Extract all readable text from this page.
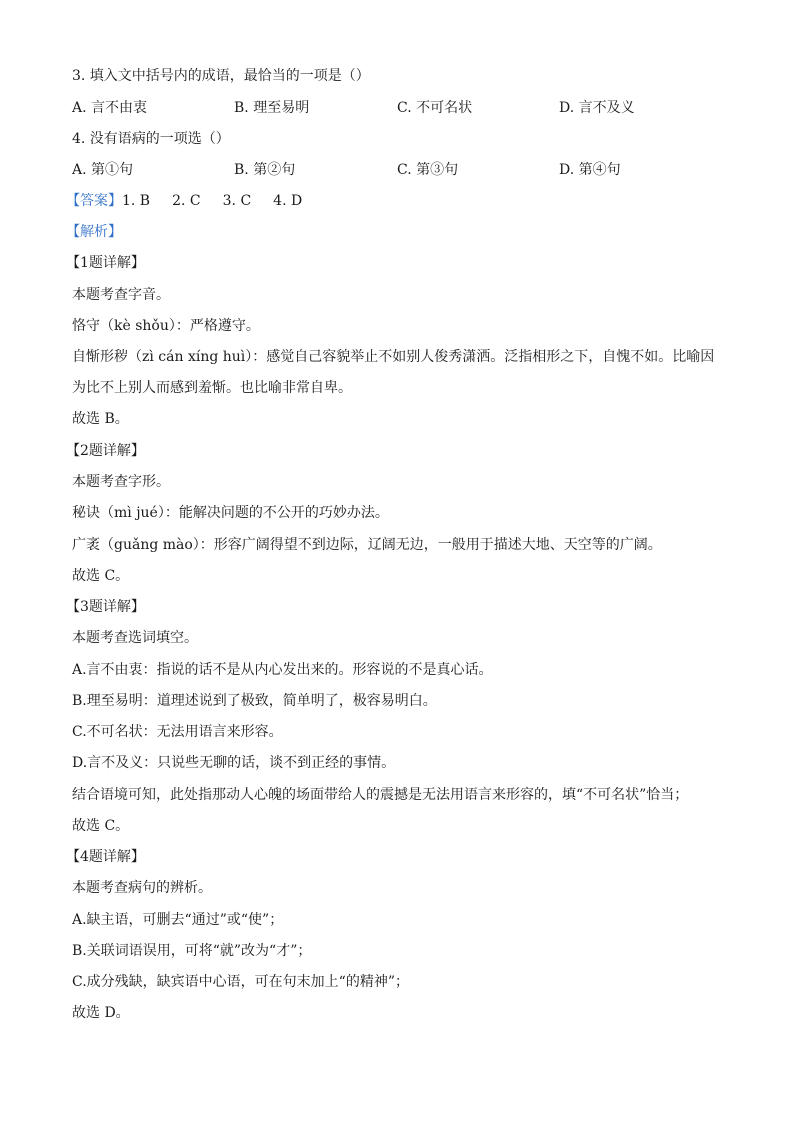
3. 填入文中括号内的成语，最恰当的一项是（）
A. 言不由衷	B. 理至易明	C. 不可名状	D. 言不及义
4. 没有语病的一项选（）
A. 第①句	B. 第②句	C. 第③句	D. 第④句
【答案】1. B 2. C 3. C 4. D
【解析】
【1题详解】
本题考查字音。
恪守（kè shǒu）：严格遵守。
自惭形秽（zì cán xíng huì）：感觉自己容貌举止不如别人俊秀潇洒。泛指相形之下，自愧不如。比喻因为比不上别人而感到羞惭。也比喻非常自卑。
故选 B。
【2题详解】
本题考查字形。
秘诀（mì jué）：能解决问题的不公开的巧妙办法。
广袤（guǎng mào）：形容广阔得望不到边际，辽阔无边，一般用于描述大地、天空等的广阔。
故选 C。
【3题详解】
本题考查选词填空。
A.言不由衷：指说的话不是从内心发出来的。形容说的不是真心话。
B.理至易明：道理述说到了极致，简单明了，极容易明白。
C.不可名状：无法用语言来形容。
D.言不及义：只说些无聊的话，谈不到正经的事情。
结合语境可知，此处指那动人心魄的场面带给人的震撼是无法用语言来形容的，填“不可名状”恰当；
故选 C。
【4题详解】
本题考查病句的辨析。
A.缺主语，可删去“通过”或“使”；
B.关联词语误用，可将“就”改为“才”；
C.成分残缺，缺宾语中心语，可在句末加上“的精神”；
故选 D。
